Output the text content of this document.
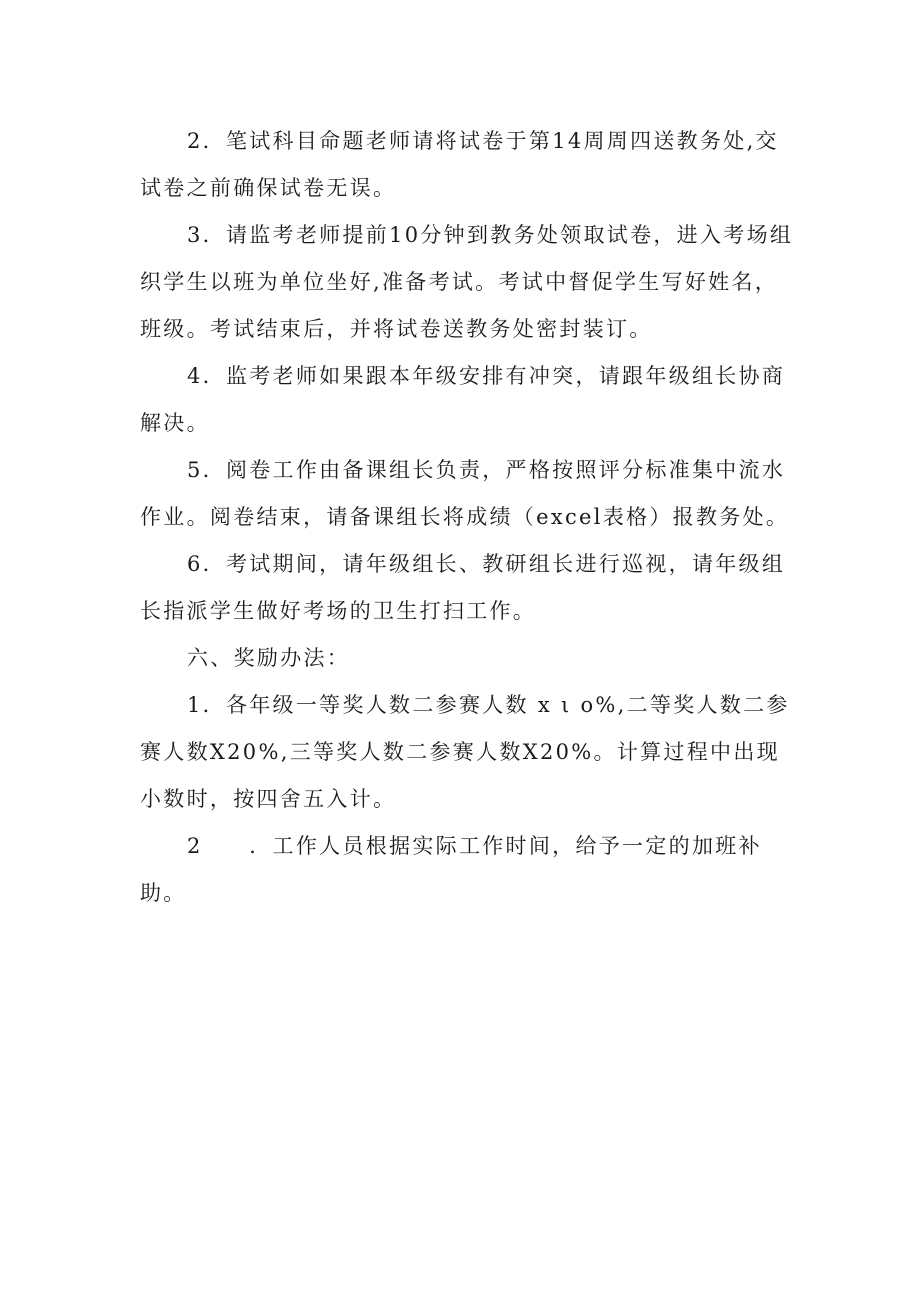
2．笔试科目命题老师请将试卷于第14周周四送教务处,交试卷之前确保试卷无误。

3．请监考老师提前10分钟到教务处领取试卷，进入考场组织学生以班为单位坐好,准备考试。考试中督促学生写好姓名，班级。考试结束后，并将试卷送教务处密封装订。

4．监考老师如果跟本年级安排有冲突，请跟年级组长协商解决。

5．阅卷工作由备课组长负责，严格按照评分标准集中流水作业。阅卷结束，请备课组长将成绩（excel表格）报教务处。

6．考试期间，请年级组长、教研组长进行巡视，请年级组长指派学生做好考场的卫生打扫工作。

六、奖励办法：

1．各年级一等奖人数二参赛人数 x ι o%,二等奖人数二参赛人数X20%,三等奖人数二参赛人数X20%。计算过程中出现小数时，按四舍五入计。

2　　．工作人员根据实际工作时间，给予一定的加班补助。
